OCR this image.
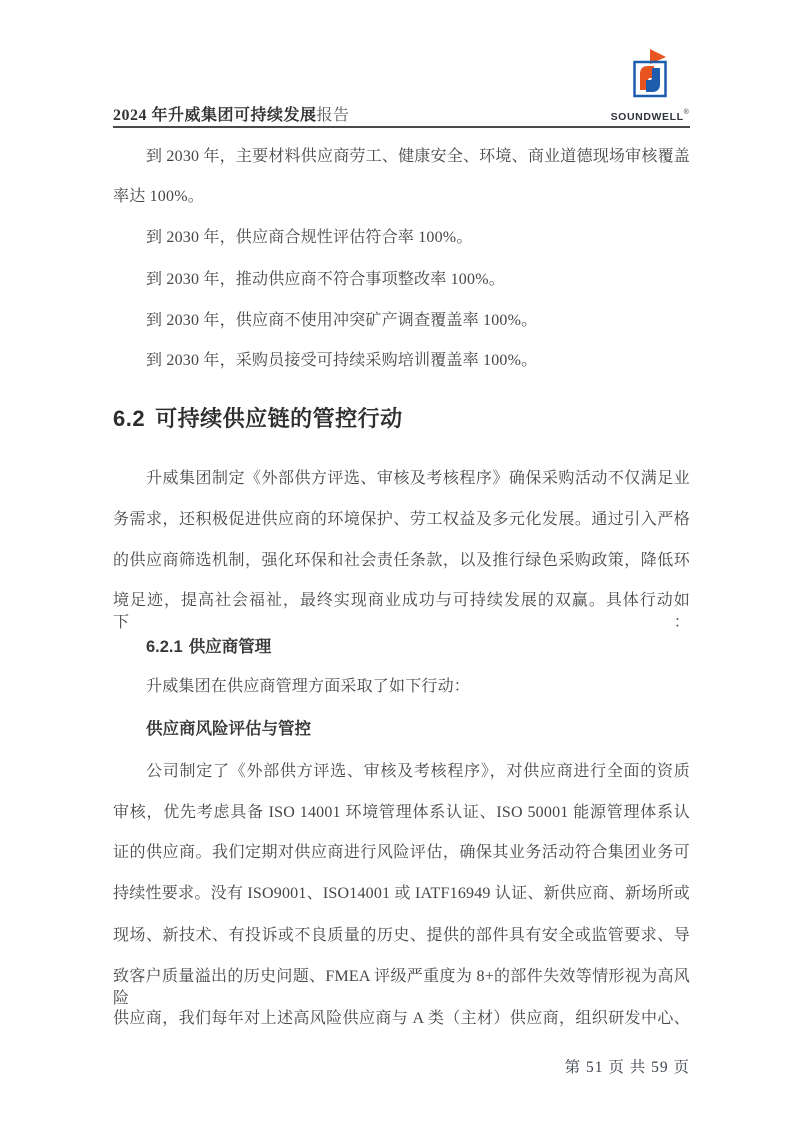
2024 年升威集团可持续发展报告	SOUNDWELL®
到 2030 年，主要材料供应商劳工、健康安全、环境、商业道德现场审核覆盖
率达 100%。
到 2030 年，供应商合规性评估符合率 100%。
到 2030 年，推动供应商不符合事项整改率 100%。
到 2030 年，供应商不使用冲突矿产调查覆盖率 100%。
到 2030 年，采购员接受可持续采购培训覆盖率 100%。
6.2 可持续供应链的管控行动
升威集团制定《外部供方评选、审核及考核程序》确保采购活动不仅满足业
务需求，还积极促进供应商的环境保护、劳工权益及多元化发展。通过引入严格
的供应商筛选机制，强化环保和社会责任条款，以及推行绿色采购政策，降低环
境足迹，提高社会福祉，最终实现商业成功与可持续发展的双赢。具体行动如下：
6.2.1 供应商管理
升威集团在供应商管理方面采取了如下行动：
供应商风险评估与管控
公司制定了《外部供方评选、审核及考核程序》，对供应商进行全面的资质
审核，优先考虑具备 ISO 14001 环境管理体系认证、ISO 50001 能源管理体系认
证的供应商。我们定期对供应商进行风险评估，确保其业务活动符合集团业务可
持续性要求。没有 ISO9001、ISO14001 或 IATF16949 认证、新供应商、新场所或
现场、新技术、有投诉或不良质量的历史、提供的部件具有安全或监管要求、导
致客户质量溢出的历史问题、FMEA 评级严重度为 8+的部件失效等情形视为高风险
供应商，我们每年对上述高风险供应商与 A 类（主材）供应商，组织研发中心、
第 51 页 共 59 页
